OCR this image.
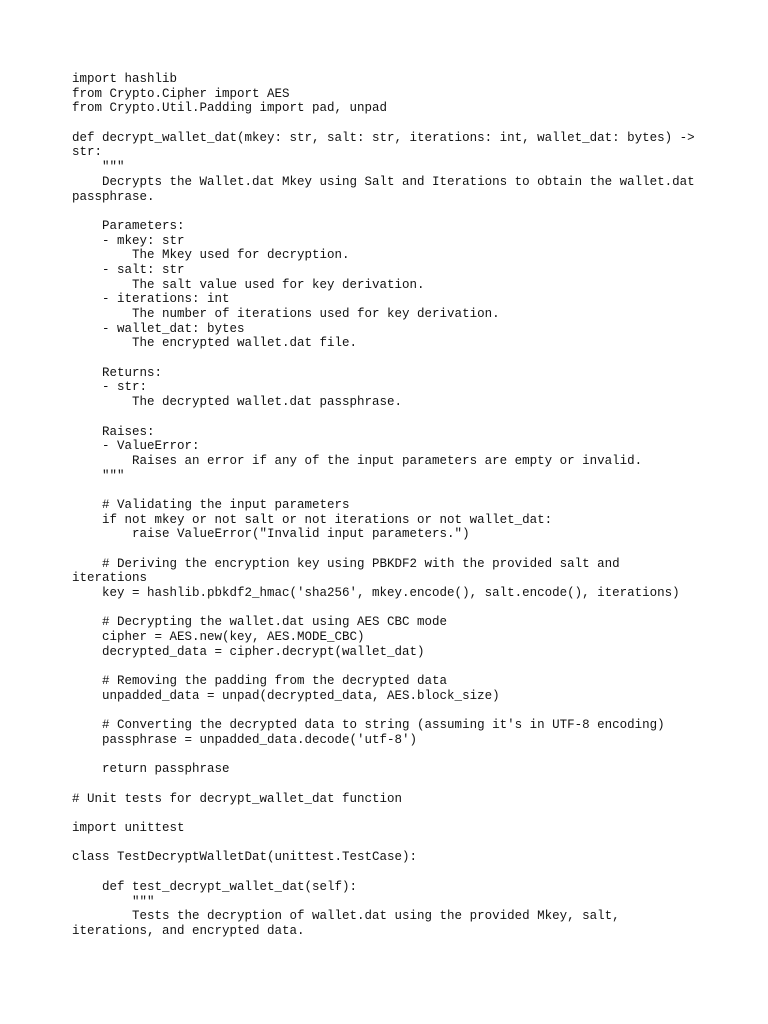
import hashlib
from Crypto.Cipher import AES
from Crypto.Util.Padding import pad, unpad
def decrypt_wallet_dat(mkey: str, salt: str, iterations: int, wallet_dat: bytes) ->
str:
"""
Decrypts the Wallet.dat Mkey using Salt and Iterations to obtain the wallet.dat
passphrase.
Parameters:
- mkey: str
The Mkey used for decryption.
- salt: str
The salt value used for key derivation.
- iterations: int
The number of iterations used for key derivation.
- wallet_dat: bytes
The encrypted wallet.dat file.
Returns:
- str:
The decrypted wallet.dat passphrase.
Raises:
- ValueError:
Raises an error if any of the input parameters are empty or invalid.
"""
# Validating the input parameters
if not mkey or not salt or not iterations or not wallet_dat:
raise ValueError("Invalid input parameters.")
# Deriving the encryption key using PBKDF2 with the provided salt and
iterations
key = hashlib.pbkdf2_hmac('sha256', mkey.encode(), salt.encode(), iterations)
# Decrypting the wallet.dat using AES CBC mode
cipher = AES.new(key, AES.MODE_CBC)
decrypted_data = cipher.decrypt(wallet_dat)
# Removing the padding from the decrypted data
unpadded_data = unpad(decrypted_data, AES.block_size)
# Converting the decrypted data to string (assuming it's in UTF-8 encoding)
passphrase = unpadded_data.decode('utf-8')
return passphrase
# Unit tests for decrypt_wallet_dat function
import unittest
class TestDecryptWalletDat(unittest.TestCase):
def test_decrypt_wallet_dat(self):
"""
Tests the decryption of wallet.dat using the provided Mkey, salt,
iterations, and encrypted data.
